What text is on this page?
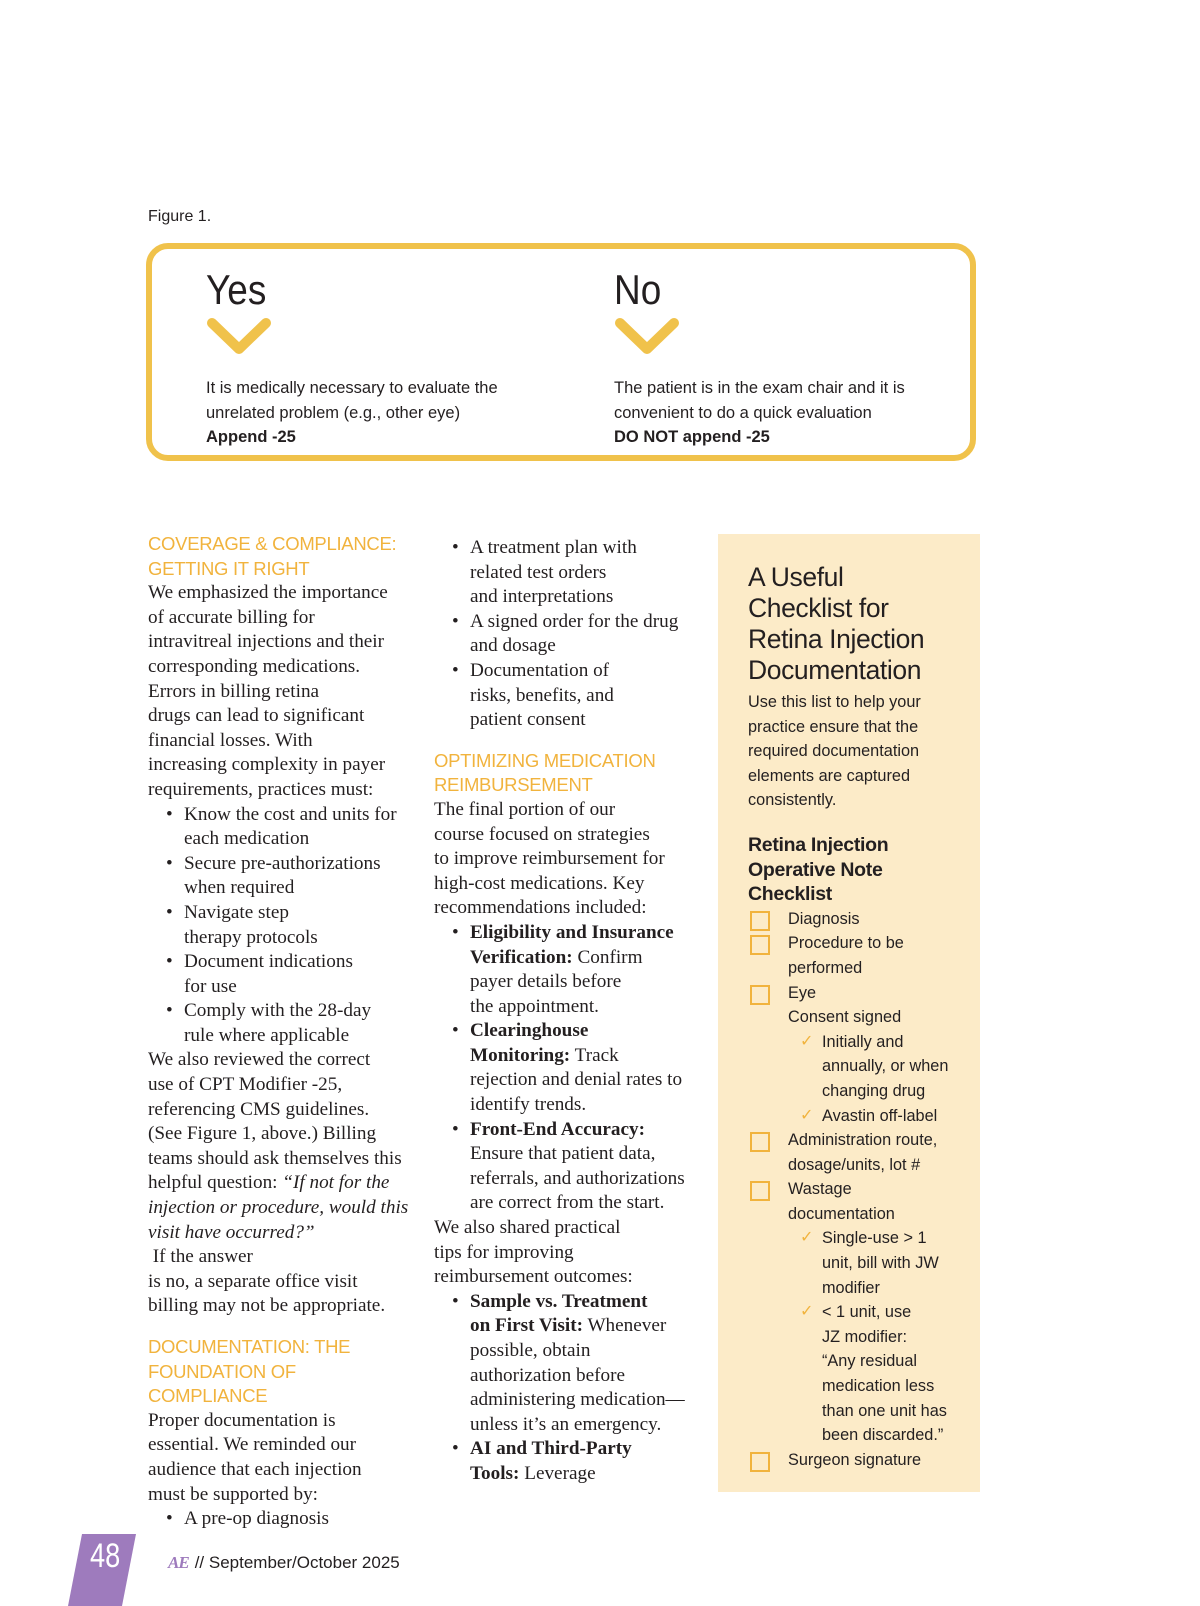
Figure 1.
Yes
It is medically necessary to evaluate the
unrelated problem (e.g., other eye)
Append -25
No
The patient is in the exam chair and it is
convenient to do a quick evaluation
DO NOT append -25

COVERAGE & COMPLIANCE:
GETTING IT RIGHT

We emphasized the importance
of accurate billing for
intravitreal injections and their
corresponding medications.
Errors in billing retina
drugs can lead to significant
financial losses. With
increasing complexity in payer
requirements, practices must:

• Know the cost and units for
each medication
• Secure pre-authorizations
when required
• Navigate step
therapy protocols
• Document indications
for use
• Comply with the 28-day
rule where applicable

We also reviewed the correct
use of CPT Modifier -25,
referencing CMS guidelines.
(See Figure 1, above.) Billing
teams should ask themselves this
helpful question: “If not for the
injection or procedure, would this
visit have occurred?” If the answer
is no, a separate office visit
billing may not be appropriate.

DOCUMENTATION: THE
FOUNDATION OF COMPLIANCE

Proper documentation is
essential. We reminded our
audience that each injection
must be supported by:

• A pre-op diagnosis
• A treatment plan with
related test orders
and interpretations
• A signed order for the drug
and dosage
• Documentation of
risks, benefits, and
patient consent

OPTIMIZING MEDICATION
REIMBURSEMENT

The final portion of our
course focused on strategies
to improve reimbursement for
high-cost medications. Key
recommendations included:

• Eligibility and Insurance
Verification: Confirm
payer details before
the appointment.
• Clearinghouse
Monitoring: Track
rejection and denial rates to
identify trends.
• Front-End Accuracy:
Ensure that patient data,
referrals, and authorizations
are correct from the start.

We also shared practical
tips for improving
reimbursement outcomes:

• Sample vs. Treatment
on First Visit: Whenever
possible, obtain
authorization before
administering medication—
unless it’s an emergency.
• AI and Third-Party
Tools: Leverage
A Useful
Checklist for
Retina Injection
Documentation
Use this list to help your
practice ensure that the
required documentation
elements are captured
consistently.
Retina Injection
Operative Note
Checklist
Diagnosis
Procedure to be
performed
Eye
Consent signed
✓ Initially and
annually, or when
changing drug
✓ Avastin off-label
Administration route,
dosage/units, lot #
Wastage
documentation
✓ Single-use > 1
unit, bill with JW
modifier
✓ < 1 unit, use
JZ modifier:
“Any residual
medication less
than one unit has
been discarded.”
Surgeon signature
48	AE // September/October 2025
